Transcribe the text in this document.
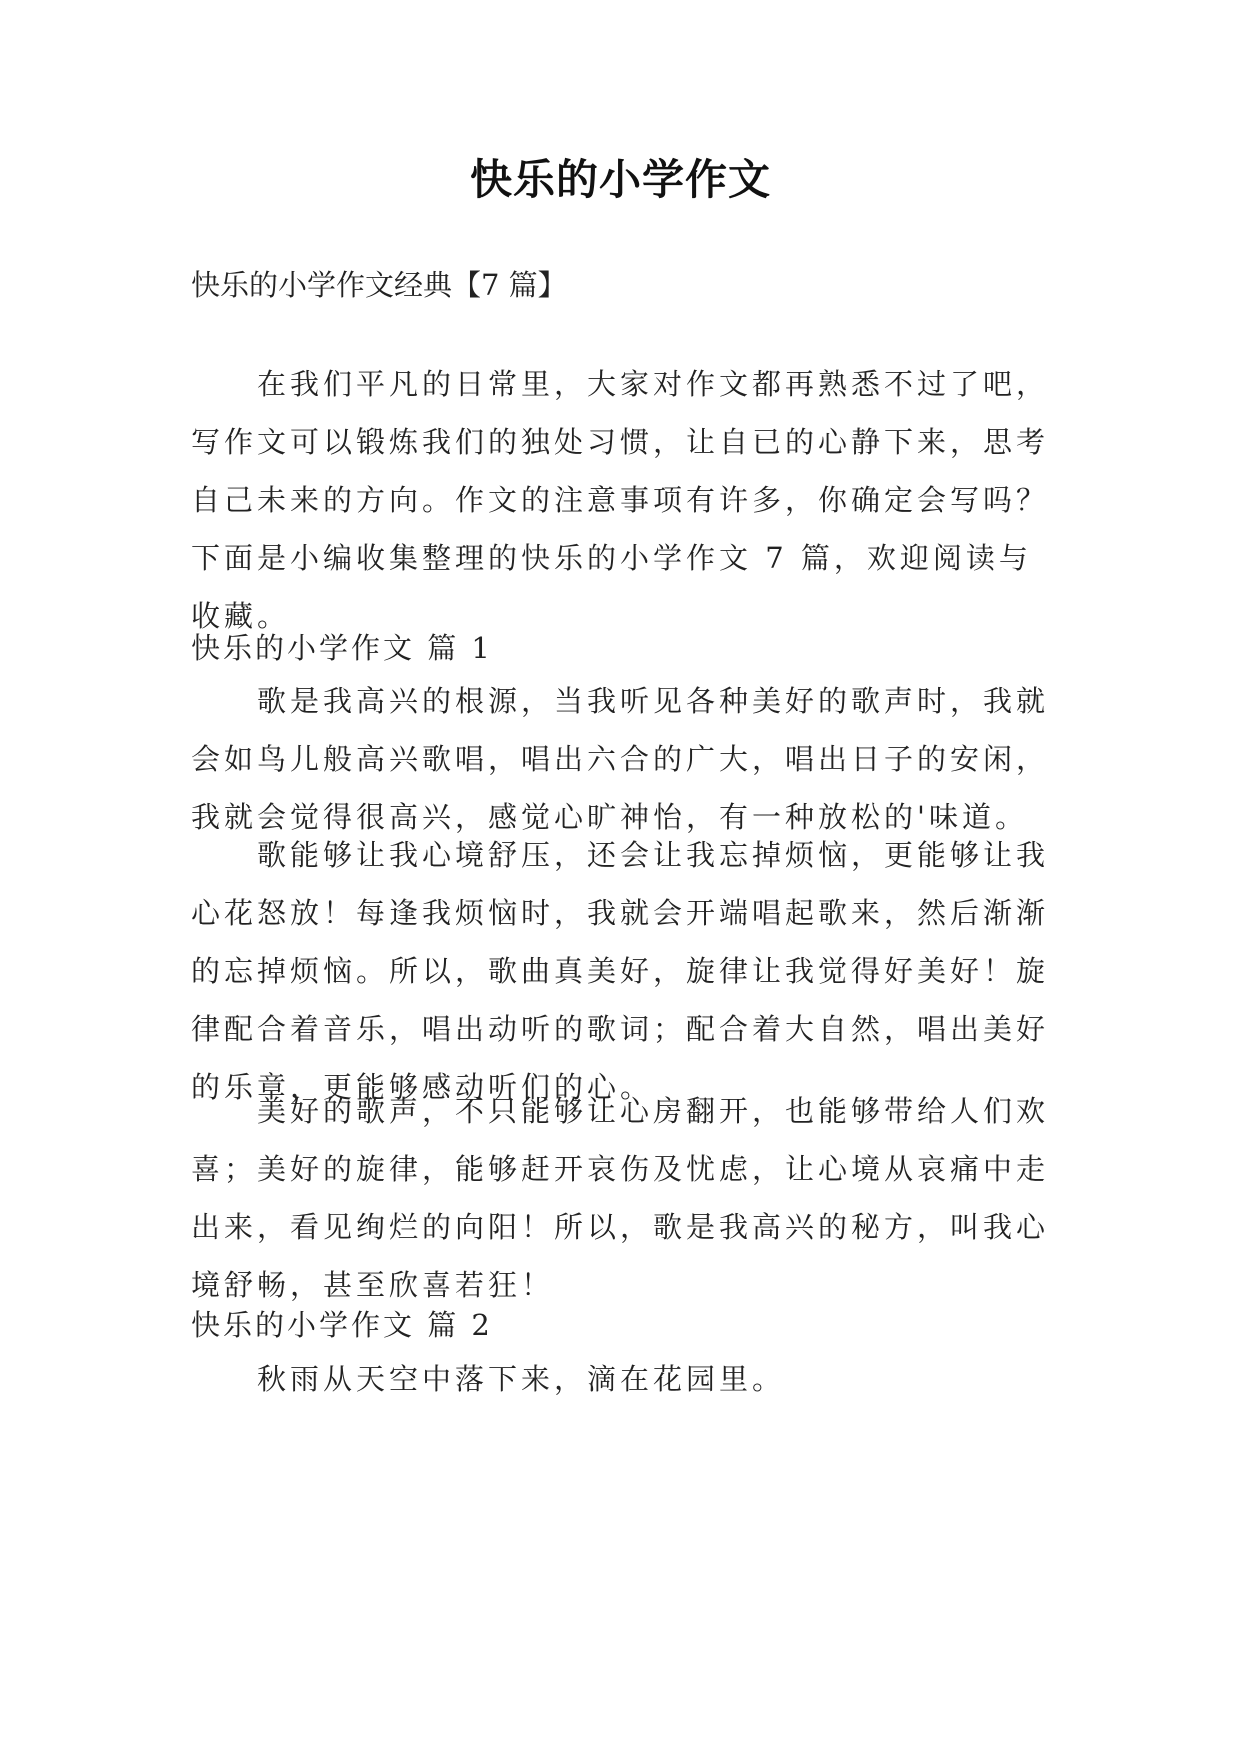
快乐的小学作文
快乐的小学作文经典【7 篇】

在我们平凡的日常里，大家对作文都再熟悉不过了吧，写作文可以锻炼我们的独处习惯，让自已的心静下来，思考自己未来的方向。作文的注意事项有许多，你确定会写吗？下面是小编收集整理的快乐的小学作文 7 篇，欢迎阅读与收藏。

快乐的小学作文 篇 1

歌是我高兴的根源，当我听见各种美好的歌声时，我就会如鸟儿般高兴歌唱，唱出六合的广大，唱出日子的安闲，我就会觉得很高兴，感觉心旷神怡，有一种放松的'味道。

歌能够让我心境舒压，还会让我忘掉烦恼，更能够让我心花怒放！每逢我烦恼时，我就会开端唱起歌来，然后渐渐的忘掉烦恼。所以，歌曲真美好，旋律让我觉得好美好！旋律配合着音乐，唱出动听的歌词；配合着大自然，唱出美好的乐章，更能够感动听们的心。

美好的歌声，不只能够让心房翻开，也能够带给人们欢喜；美好的旋律，能够赶开哀伤及忧虑，让心境从哀痛中走出来，看见绚烂的向阳！所以，歌是我高兴的秘方，叫我心境舒畅，甚至欣喜若狂！

快乐的小学作文 篇 2

秋雨从天空中落下来，滴在花园里。
